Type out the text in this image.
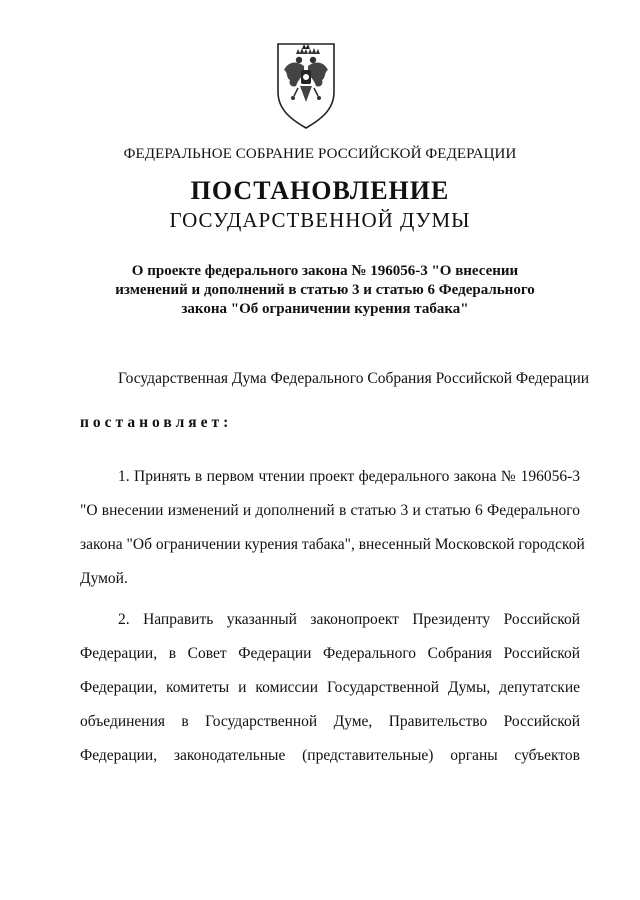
ФЕДЕРАЛЬНОЕ СОБРАНИЕ РОССИЙСКОЙ ФЕДЕРАЦИИ
ПОСТАНОВЛЕНИЕ
ГОСУДАРСТВЕННОЙ ДУМЫ
О проекте федерального закона № 196056-3 "О внесении
изменений и дополнений в статью 3 и статью 6 Федерального
закона "Об ограничении курения табака"
Государственная Дума Федерального Собрания Российской Федерации
постановляет:
1. Принять в первом чтении проект федерального закона № 196056-3
"О внесении изменений и дополнений в статью 3 и статью 6 Федерального
закона "Об ограничении курения табака", внесенный Московской городской
Думой.
2. Направить указанный законопроект Президенту Российской
Федерации, в Совет Федерации Федерального Собрания Российской
Федерации, комитеты и комиссии Государственной Думы, депутатские
объединения в Государственной Думе, Правительство Российской
Федерации, законодательные (представительные) органы субъектов
